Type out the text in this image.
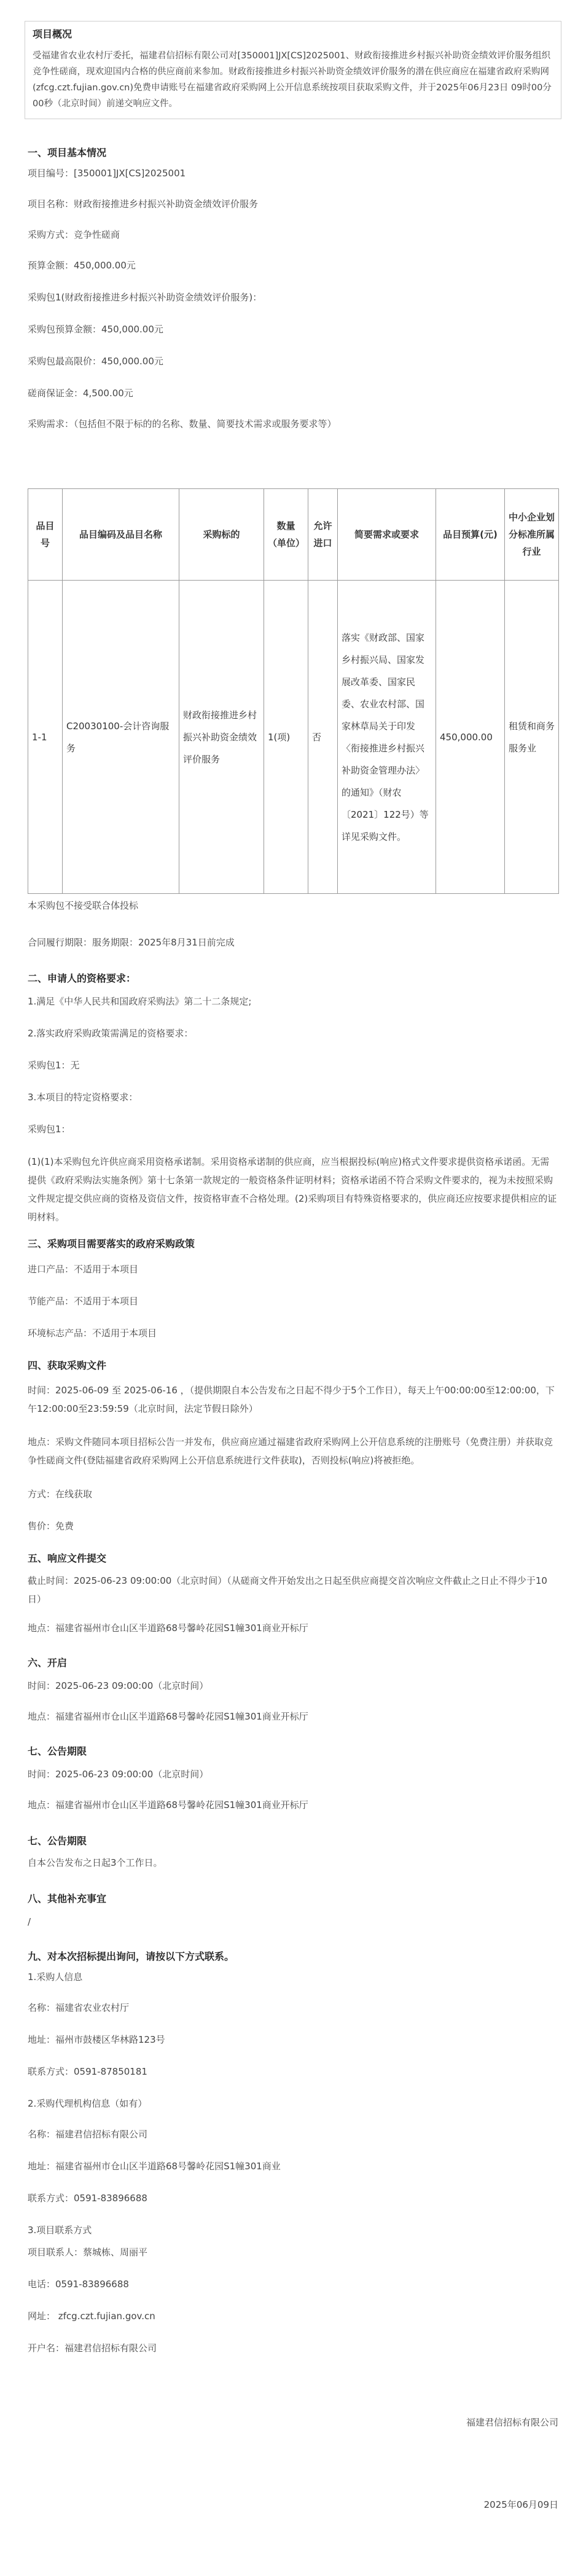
项目概况

受福建省农业农村厅委托，福建君信招标有限公司对[350001]JX[CS]2025001、财政衔接推进乡村振兴补助资金绩效评价服务组织竞争性磋商，现欢迎国内合格的供应商前来参加。财政衔接推进乡村振兴补助资金绩效评价服务的潜在供应商应在福建省政府采购网(zfcg.czt.fujian.gov.cn)免费申请账号在福建省政府采购网上公开信息系统按项目获取采购文件，并于2025年06月23日 09时00分00秒（北京时间）前递交响应文件。

一、项目基本情况

项目编号：[350001]JX[CS]2025001

项目名称：财政衔接推进乡村振兴补助资金绩效评价服务

采购方式：竞争性磋商

预算金额：450,000.00元

采购包1(财政衔接推进乡村振兴补助资金绩效评价服务)：

采购包预算金额：450,000.00元

采购包最高限价：450,000.00元

磋商保证金：4,500.00元

采购需求：（包括但不限于标的的名称、数量、简要技术需求或服务要求等）

品目号	品目编码及品目名称	采购标的	数量（单位）	允许进口	简要需求或要求	品目预算(元)	中小企业划分标准所属行业
1-1	C20030100-会计咨询服务	财政衔接推进乡村振兴补助资金绩效评价服务	1(项)	否	落实《财政部、国家乡村振兴局、国家发展改革委、国家民委、农业农村部、国家林草局关于印发〈衔接推进乡村振兴补助资金管理办法〉的通知》（财农〔2021〕122号）等详见采购文件。	450,000.00	租赁和商务服务业

本采购包不接受联合体投标

合同履行期限：服务期限：2025年8月31日前完成

二、申请人的资格要求：

1.满足《中华人民共和国政府采购法》第二十二条规定;

2.落实政府采购政策需满足的资格要求：

采购包1：无

3.本项目的特定资格要求：

采购包1：

(1)(1)本采购包允许供应商采用资格承诺制。采用资格承诺制的供应商，应当根据投标(响应)格式文件要求提供资格承诺函。无需提供《政府采购法实施条例》第十七条第一款规定的一般资格条件证明材料；资格承诺函不符合采购文件要求的，视为未按照采购文件规定提交供应商的资格及资信文件，按资格审查不合格处理。(2)采购项目有特殊资格要求的，供应商还应按要求提供相应的证明材料。

三、采购项目需要落实的政府采购政策

进口产品：不适用于本项目

节能产品：不适用于本项目

环境标志产品：不适用于本项目

四、获取采购文件

时间：2025-06-09 至 2025-06-16 ，（提供期限自本公告发布之日起不得少于5个工作日），每天上午00:00:00至12:00:00，下午12:00:00至23:59:59（北京时间，法定节假日除外）

地点：采购文件随同本项目招标公告一并发布，供应商应通过福建省政府采购网上公开信息系统的注册账号（免费注册）并获取竞争性磋商文件(登陆福建省政府采购网上公开信息系统进行文件获取)，否则投标(响应)将被拒绝。

方式：在线获取

售价：免费

五、响应文件提交

截止时间：2025-06-23 09:00:00（北京时间）（从磋商文件开始发出之日起至供应商提交首次响应文件截止之日止不得少于10日）

地点：福建省福州市仓山区半道路68号馨岭花园S1幢301商业开标厅

六、开启

时间：2025-06-23 09:00:00（北京时间）

地点：福建省福州市仓山区半道路68号馨岭花园S1幢301商业开标厅

七、公告期限

时间：2025-06-23 09:00:00（北京时间）

地点：福建省福州市仓山区半道路68号馨岭花园S1幢301商业开标厅

七、公告期限

自本公告发布之日起3个工作日。

八、其他补充事宜

/

九、对本次招标提出询问，请按以下方式联系。

1.采购人信息

名称：福建省农业农村厅

地址：福州市鼓楼区华林路123号

联系方式：0591-87850181

2.采购代理机构信息（如有）

名称：福建君信招标有限公司

地址：福建省福州市仓山区半道路68号馨岭花园S1幢301商业

联系方式：0591-83896688

3.项目联系方式

项目联系人：蔡城栋、周丽平

电话：0591-83896688

网址： zfcg.czt.fujian.gov.cn

开户名：福建君信招标有限公司

福建君信招标有限公司

2025年06月09日
